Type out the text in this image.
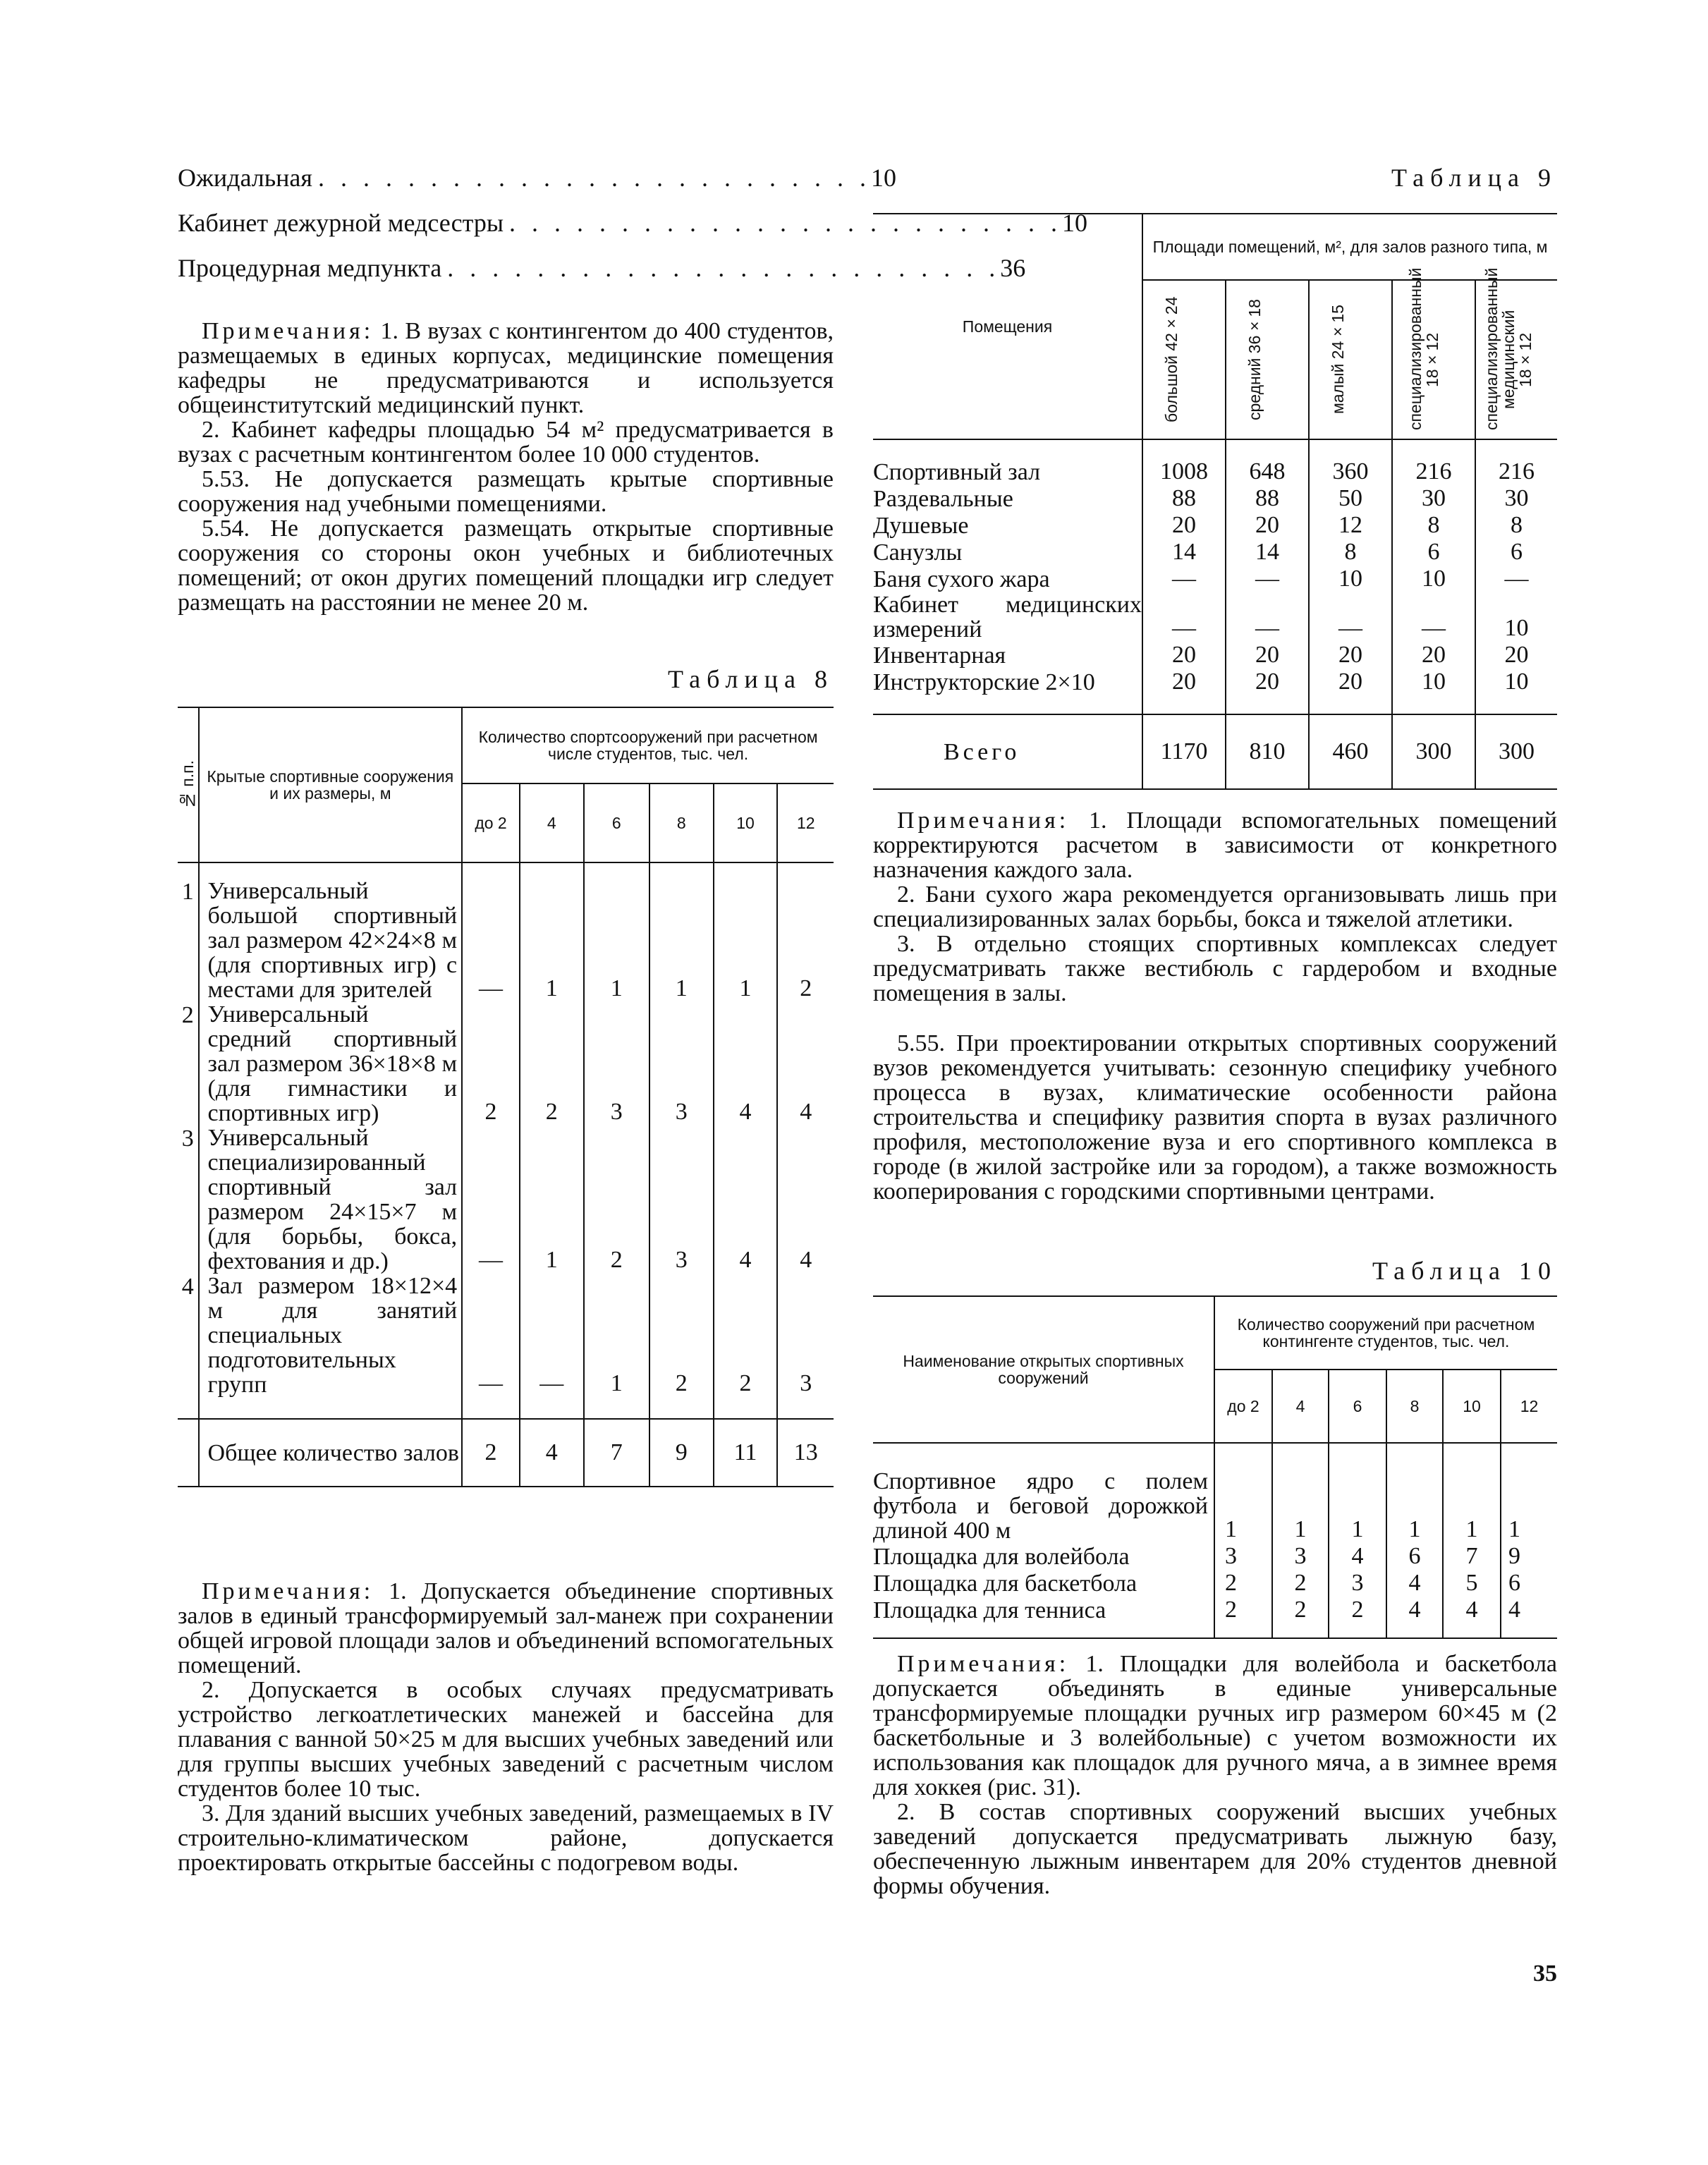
Ожидальная . . . . . . . . . . . . . . . . . . . . . . . . . 10
Кабинет дежурной медсестры . . . . . . . . . . . . . . . . . . . . . . . . . 10
Процедурная медпункта . . . . . . . . . . . . . . . . . . . . . . . . . 36

Примечания: 1. В вузах с контингентом до 400 студентов, размещаемых в единых корпусах, медицинские помещения кафедры не предусматриваются и используется общеинститутский медицинский пункт.

2. Кабинет кафедры площадью 54 м² предусматривается в вузах с расчетным контингентом более 10 000 студентов.

5.53. Не допускается размещать крытые спортивные сооружения над учебными помещениями.

5.54. Не допускается размещать открытые спортивные сооружения со стороны окон учебных и библиотечных помещений; от окон других помещений площадки игр следует размещать на расстоянии не менее 20 м.

Таблица 8
№ п.п.	Крытые спортивные сооружения и их размеры, м	Количество спортсооружений при расчетном числе студентов, тыс. чел.					
		до 2	4	6	8	10	12
1	Универсальный большой спортивный зал размером 42×24×8 м (для спортивных игр) с местами для зрителей	—	1	1	1	1	2
2	Универсальный средний спортивный зал размером 36×18×8 м (для гимнастики и спортивных игр)	2	2	3	3	4	4
3	Универсальный специализированный спортивный зал размером 24×15×7 м (для борьбы, бокса, фехтования и др.)	—	1	2	3	4	4
4	Зал размером 18×12×4 м для занятий специальных подготовительных групп	—	—	1	2	2	3
	Общее количество залов	2	4	7	9	11	13

Примечания: 1. Допускается объединение спортивных залов в единый трансформируемый зал-манеж при сохранении общей игровой площади залов и объединений вспомогательных помещений.

2. Допускается в особых случаях предусматривать устройство легкоатлетических манежей и бассейна для плавания с ванной 50×25 м для высших учебных заведений или для группы высших учебных заведений с расчетным числом студентов более 10 тыс.

3. Для зданий высших учебных заведений, размещаемых в IV строительно-климатическом районе, допускается проектировать открытые бассейны с подогревом воды.

Таблица 9
Помещения	Площади помещений, м², для залов разного типа, м				

	большой 42×24	средний 36×18	малый 24×15	специализированный 18×12	специализированный медицинский 18×12

Спортивный зал	1008	648	360	216	216
Раздевальные	88	88	50	30	30
Душевые	20	20	12	8	8
Санузлы	14	14	8	6	6
Баня сухого жара	—	—	10	10	—
Кабинет медицинских измерений	—	—	—	—	10
Инвентарная	20	20	20	20	20
Инструкторские 2×10	20	20	20	10	10
Всего	1170	810	460	300	300

Примечания: 1. Площади вспомогательных помещений корректируются расчетом в зависимости от конкретного назначения каждого зала.

2. Бани сухого жара рекомендуется организовывать лишь при специализированных залах борьбы, бокса и тяжелой атлетики.

3. В отдельно стоящих спортивных комплексах следует предусматривать также вестибюль с гардеробом и входные помещения в залы.

5.55. При проектировании открытых спортивных сооружений вузов рекомендуется учитывать: сезонную специфику учебного процесса в вузах, климатические особенности района строительства и специфику развития спорта в вузах различного профиля, местоположение вуза и его спортивного комплекса в городе (в жилой застройке или за городом), а также возможность кооперирования с городскими спортивными центрами.

Таблица 10
Наименование открытых спортивных сооружений	Количество сооружений при расчетном контингенте студентов, тыс. чел.					
	до 2	4	6	8	10	12
Спортивное ядро с полем футбола и беговой дорожкой длиной 400 м	1	1	1	1	1	1
Площадка для волейбола	3	3	4	6	7	9
Площадка для баскетбола	2	2	3	4	5	6
Площадка для тенниса	2	2	2	4	4	4

Примечания: 1. Площадки для волейбола и баскетбола допускается объединять в единые универсальные трансформируемые площадки ручных игр размером 60×45 м (2 баскетбольные и 3 волейбольные) с учетом возможности их использования как площадок для ручного мяча, а в зимнее время для хоккея (рис. 31).

2. В состав спортивных сооружений высших учебных заведений допускается предусматривать лыжную базу, обеспеченную лыжным инвентарем для 20% студентов дневной формы обучения.

35
